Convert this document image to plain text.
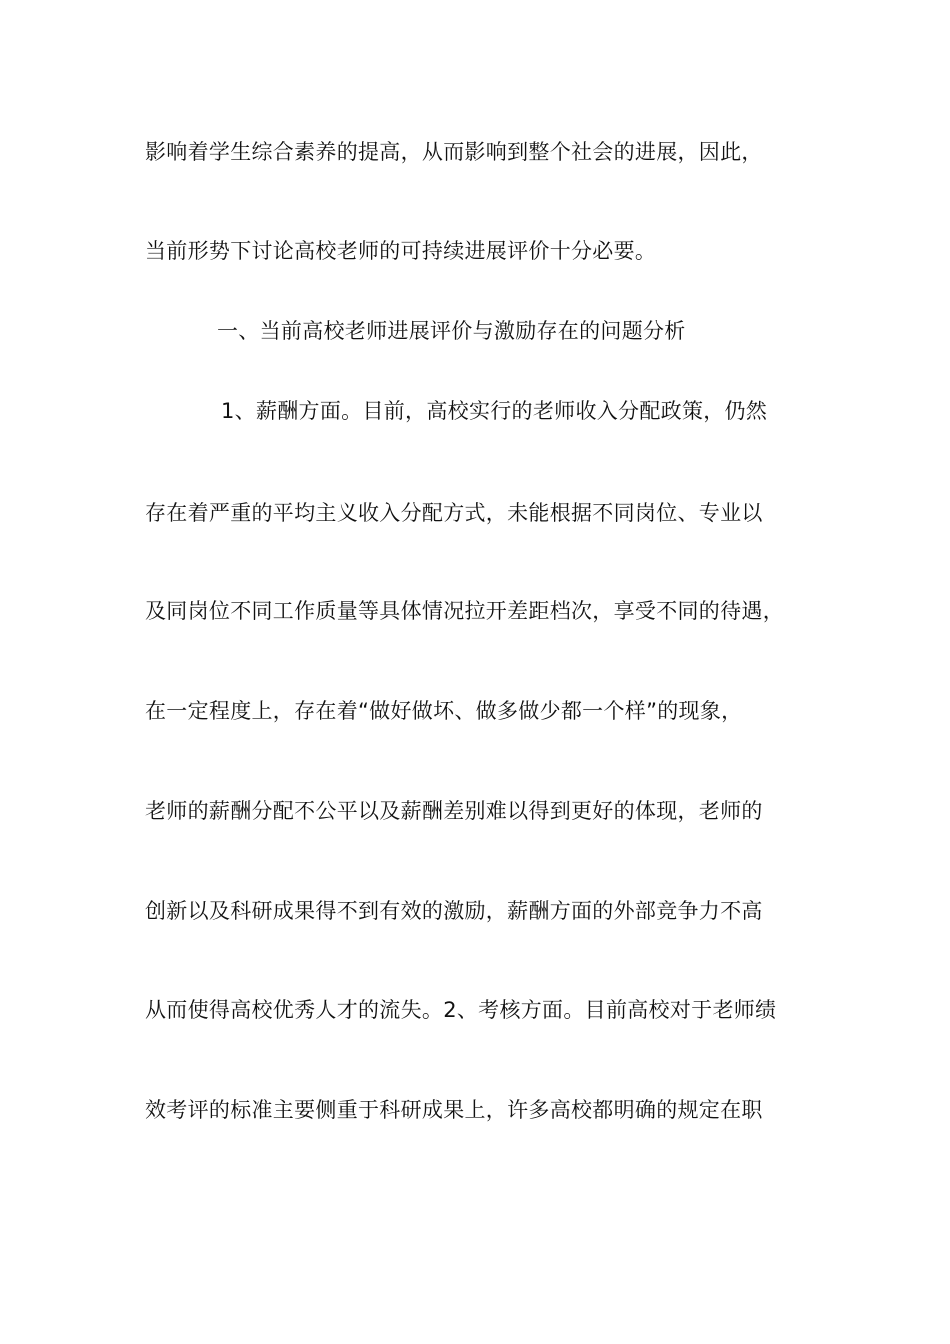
影响着学生综合素养的提高，从而影响到整个社会的进展，因此，
当前形势下讨论高校老师的可持续进展评价十分必要。
一、当前高校老师进展评价与激励存在的问题分析
1、薪酬方面。目前，高校实行的老师收入分配政策，仍然
存在着严重的平均主义收入分配方式，未能根据不同岗位、专业以
及同岗位不同工作质量等具体情况拉开差距档次，享受不同的待遇，
在一定程度上，存在着“做好做坏、做多做少都一个样”的现象，
老师的薪酬分配不公平以及薪酬差别难以得到更好的体现，老师的
创新以及科研成果得不到有效的激励，薪酬方面的外部竞争力不高
从而使得高校优秀人才的流失。2、考核方面。目前高校对于老师绩
效考评的标准主要侧重于科研成果上，许多高校都明确的规定在职
